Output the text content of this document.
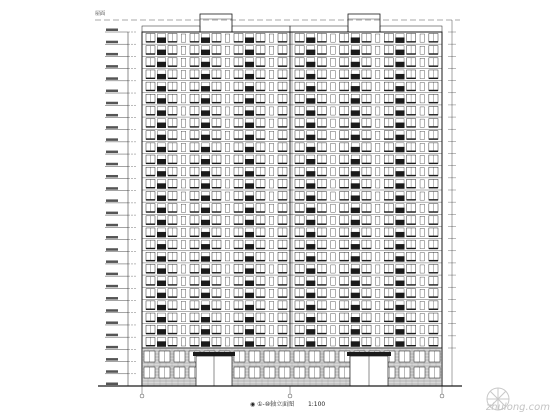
屋面
◉ ①-⑩轴立面图 1:100	zhulong.com
